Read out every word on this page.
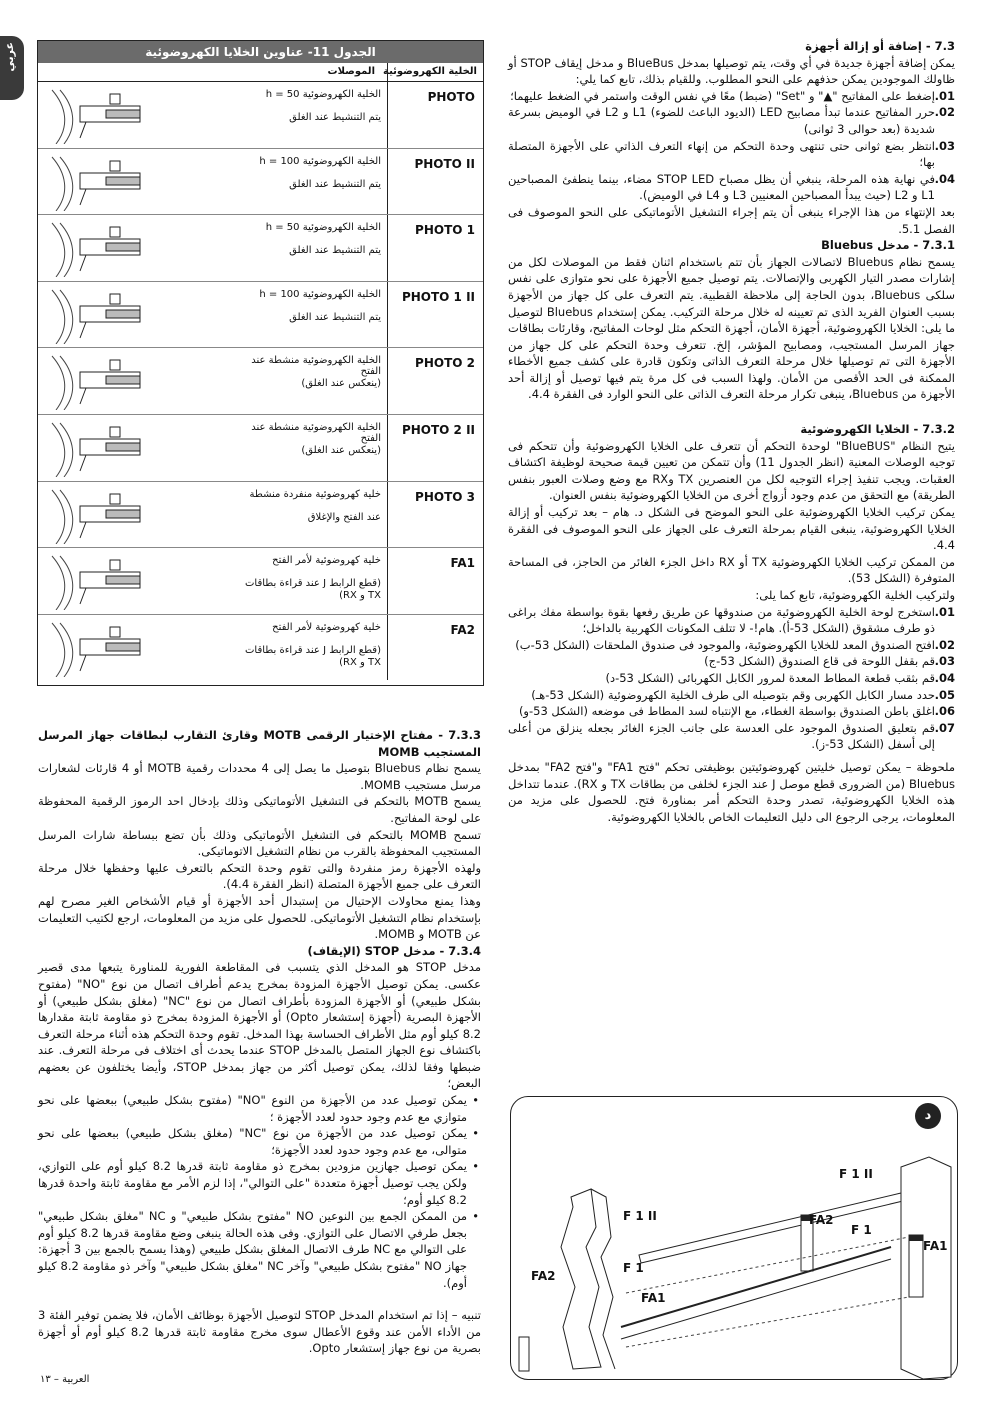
عربي	الجدول 11- عناوين الخلايا الكهروضوئية
الخلية الكهروضوئية
الموصلات
PHOTO
الخلية الكهروضوئية h = 50
يتم التنشيط عند الغلق
PHOTO II
الخلية الكهروضوئية h = 100
يتم التنشيط عند الغلق
PHOTO 1
الخلية الكهروضوئية h = 50
يتم التنشيط عند الغلق
PHOTO 1 II
الخلية الكهروضوئية h = 100
يتم التنشيط عند الغلق
PHOTO 2
الخلية الكهروضوئية منشطة عند الفتح
(ينعكس عند الغلق)
PHOTO 2 II
الخلية الكهروضوئية منشطة عند الفتح
(ينعكس عند الغلق)
PHOTO 3
خلية كهروضوئية منفردة منشطة
عند الفتح والإغلاق
FA1
خلية كهروضوئية لأمر الفتح
(قطع الرابط J عند قراءة بطاقات TX و RX)
FA2
خلية كهروضوئية لأمر الفتح
(قطع الرابط J عند قراءة بطاقات TX و RX)

7.3 - إضافة أو إزالة أجهزة

يمكن إضافة أجهزة جديدة في أي وقت، يتم توصيلها بمدخل BlueBus و مدخل إيقاف STOP أو ظاولك الموجودين يمكن حذفهم على النحو المطلوب. وللقيام بذلك، تابع كما يلي:

01.
إضغط على المفاتيح "▲" و "Set" (ضبط) معًا في نفس الوقت واستمر في الضغط عليهما؛

02.
حرر المفاتيح عندما تبدأ مصابيح LED (الديود الباعث للضوء) L1 و L2 في الوميض بسرعة شديدة (بعد حوالى 3 ثوانى)

03.
انتظر بضع ثوانى حتى تنتهى وحدة التحكم من إنهاء التعرف الذاتي على الأجهزة المتصلة بها؛

04.
في نهاية هذه المرحلة، ينبغي أن يظل مصباح STOP LED مضاء، بينما ينطفئ المصباحين L1 و L2 (حيث يبدأ المصباحين المعنيين L3 و L4 في الوميض).

بعد الإنتهاء من هذا الإجراء ينبغى أن يتم إجراء التشغيل الأتوماتيكى على النحو الموصوف فى الفصل 5.1.

7.3.1 - مدخل Bluebus

يسمح نظام Bluebus لاتصالات الجهاز بأن تتم باستخدام اثنان فقط من الموصلات لكل من إشارات مصدر التيار الكهربى والإتصالات. يتم توصيل جميع الأجهزة على نحو متوازى على نفس سلكى Bluebus، بدون الحاجة إلى ملاحظة القطبية. يتم التعرف على كل جهاز من الأجهزة بسبب العنوان الفريد الذى تم تعيينه له خلال مرحلة التركيب. يمكن إستخدام Bluebus لتوصيل ما يلى: الخلايا الكهروضوئية، أجهزة الأمان، أجهزة التحكم مثل لوحات المفاتيح، وقارئات بطاقات جهاز المرسل المستجيب، ومصابيح المؤشر، إلخ. تتعرف وحدة التحكم على كل جهاز من الأجهزة التى تم توصيلها خلال مرحلة التعرف الذاتى وتكون قادرة على كشف جميع الأخطاء الممكنة فى الحد الأقصى من الأمان. ولهذا السبب فى كل مرة يتم فيها توصيل أو إزالة أحد الأجهزة من Bluebus، ينبغى تكرار مرحلة التعرف الذاتى على النحو الوارد فى الفقرة 4.4.

7.3.2 - الخلايا الكهروضوئية

يتيح النظام "BlueBUS" لوحدة التحكم أن تتعرف على الخلايا الكهروضوئية وأن تتحكم فى توجيه الوصلات المعنية (انظر الجدول 11) وأن تتمكن من تعيين قيمة صحيحة لوظيفة اكتشاف العقبات. ويجب تنفيذ إجراء التوجيه لكل من العنصرين TX وRX مع وضع وصلات العبور بنفس الطريقة) مع التحقق من عدم وجود أزواج أخرى من الخلايا الكهروضوئية بنفس العنوان.

يمكن تركيب الخلايا الكهروضوئية على النحو الموضح فى الشكل د. هام – بعد تركيب أو إزالة الخلايا الكهروضوئية، ينبغى القيام بمرحلة التعرف على الجهاز على النحو الموصوف فى الفقرة 4.4.

من الممكن تركيب الخلايا الكهروضوئية TX أو RX داخل الجزء الغائر من الحاجز، فى المساحة المتوفرة (الشكل 53).

ولتركيب الخلية الكهروضوئية، تابع كما يلى:

01.
استخرج لوحة الخلية الكهروضوئية من صندوقها عن طريق رفعها بقوة بواسطة مفك براغى ذو طرف مشقوق (الشكل 53-أ). هام!- لا تتلف المكونات الكهربية بالداخل؛

02.
افتح الصندوق المعد للخلايا الكهروضوئية، والموجود فى صندوق الملحقات (الشكل 53-ب)

03.
قم بقفل اللوحة فى قاع الصندوق (الشكل 53-ج)

04.
قم بثقب قطعة المطاط المعدة لمرور الكابل الكهربائى (الشكل 53-د)

05.
حدد مسار الكابل الكهربى وقم بتوصيله الى طرف الخلية الكهروضوئية (الشكل 53-هـ)

06.
اغلق باطن الصندوق بواسطة الغطاء، مع الإنتباه لسد المطاط فى موضعه (الشكل 53-و)

07.
قم بتعليق الصندوق الموجود على العدسة على جانب الجزء الغائر بجعله ينزلق من أعلى إلى أسفل (الشكل 53-ز).

ملحوظة – يمكن توصيل خليتين كهروضوئيتين بوظيفتى تحكم "فتح FA1" و"فتح FA2" بمدخل Bluebus (من الضرورى قطع موصل J عند الجزء لخلفى من بطاقات TX و RX). عندما تتداخل هذه الخلايا الكهروضوئية، تصدر وحدة التحكم أمر بمناورة فتح. للحصول على مزيد من المعلومات، يرجى الرجوع الى دليل التعليمات الخاص بالخلايا الكهروضوئية.

7.3.3 - مفتاح الإختيار الرقمى MOTB وقارئ التقارب لبطاقات جهاز المرسل المستجيب MOMB

يسمح نظام Bluebus بتوصيل ما يصل إلى 4 محددات رقمية MOTB أو 4 قارئات لشعارات مرسل مستجيب MOMB.

يسمح MOTB بالتحكم فى التشغيل الأتوماتيكى وذلك بإدخال احد الرموز الرقمية المحفوظة على لوحة المفاتيح.

تسمح MOMB بالتحكم فى التشغيل الأتوماتيكى وذلك بأن تضع ببساطة شارات المرسل المستجيب المحفوظة بالقرب من نظام التشغيل الاتوماتيكى.

ولهذه الأجهزة رمز منفردة والتى تقوم وحدة التحكم بالتعرف عليها وحفظها خلال مرحلة التعرف على جميع الأجهزة المتصلة (انظر الفقرة 4.4).

وهذا يمنع محاولات الإحتيال من إستبدال أحد الأجهزة أو قيام الأشخاص الغير مصرح لهم بإستخدام نظام التشغيل الأتوماتيكى. للحصول على مزيد من المعلومات، ارجع لكتيب التعليمات عن MOTB و MOMB.

7.3.4 - مدخل STOP (الإيقاف)

مدخل STOP هو المدخل الذي يتسبب فى المقاطعة الفورية للمناورة يتبعها مدى قصير عكسى. يمكن توصيل الأجهزة المزودة بمخرج يدعم أطراف اتصال من نوع "NO" (مفتوح بشكل طبيعي) أو الأجهزة المزودة بأطراف اتصال من نوع "NC" (مغلق بشكل طبيعي) أو الأجهزة البصرية (أجهزة إستشعار Opto) أو الأجهزة المزودة بمخرج ذو مقاومة ثابتة مقدارها 8.2 كيلو أوم مثل الأطراف الحساسة بهذا المدخل. تقوم وحدة التحكم هذه أثناء مرحلة التعرف باكتشاف نوع الجهاز المتصل بالمدخل STOP عندما يحدث أى اختلاف فى مرحلة التعرف. عند ضبطها وفقا لذلك، يمكن توصيل أكثر من جهاز بمدخل STOP، وأيضا يختلفون عن بعضهم البعض؛

• يمكن توصيل عدد من الأجهزة من النوع "NO" (مفتوح بشكل طبيعي) ببعضها على نحو متوازي مع عدم وجود حدود لعدد الأجهزة ؛

• يمكن توصيل عدد من الأجهزة من نوع "NC" (مغلق بشكل طبيعي) ببعضها على نحو متوالى، مع عدم وجود حدود لعدد الأجهزة؛

• يمكن توصيل جهازين مزودين بمخرج ذو مقاومة ثابتة قدرها 8.2 كيلو أوم على التوازي، ولكن يجب توصيل أجهزة متعددة "على التوالي"، إذا لزم الأمر مع مقاومة ثابتة واحدة قدرها 8.2 كيلو أوم؛

• من الممكن الجمع بين النوعين NO "مفتوح بشكل طبيعي" و NC "مغلق بشكل طبيعي" بجعل طرفي الاتصال على التوازي. وفى هذه الحالة ينبغى وضع مقاومة قدرها 8.2 كيلو أوم على التوالي مع NC طرف الاتصال المغلق بشكل طبيعي (وهذا يسمح بالجمع بين 3 أجهزة: جهاز NO "مفتوح بشكل طبيعي" وآخر NC "مغلق بشكل طبيعي" وآخر ذو مقاومة 8.2 كيلو أوم).

تنبيه – إذا تم استخدام المدخل STOP لتوصيل الأجهزة بوظائف الأمان، فلا يضمن توفير الفئة 3 من الأداء الأمن عند وقوع الأعطال سوى مخرج مقاومة ثابتة قدرها 8.2 كيلو أوم أو أجهزة بصرية من نوع جهاز إستشعار Opto.

د
F 1 II
F 1 II	FA2
F 1
FA1
FA2
F 1
FA1
العربية – ١٣
